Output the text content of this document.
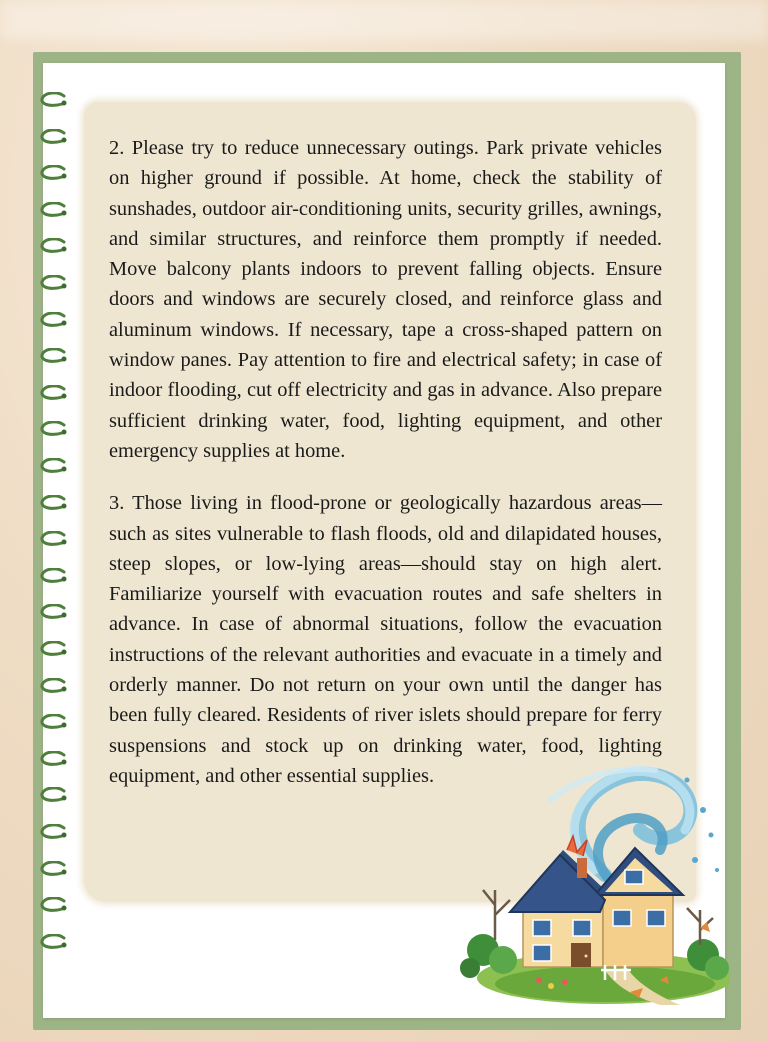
2. Please try to reduce unnecessary outings. Park private vehicles on higher ground if possible. At home, check the stability of sunshades, outdoor air-conditioning units, security grilles, awnings, and similar structures, and reinforce them promptly if needed. Move balcony plants indoors to prevent falling objects. Ensure doors and windows are securely closed, and reinforce glass and aluminum windows. If necessary, tape a cross-shaped pattern on window panes. Pay attention to fire and electrical safety; in case of indoor flooding, cut off electricity and gas in advance. Also prepare sufficient drinking water, food, lighting equipment, and other emergency supplies at home.

3. Those living in flood-prone or geologically hazardous areas—such as sites vulnerable to flash floods, old and dilapidated houses, steep slopes, or low-lying areas—should stay on high alert. Familiarize yourself with evacuation routes and safe shelters in advance. In case of abnormal situations, follow the evacuation instructions of the relevant authorities and evacuate in a timely and orderly manner. Do not return on your own until the danger has been fully cleared. Residents of river islets should prepare for ferry suspensions and stock up on drinking water, food, lighting equipment, and other essential supplies.
